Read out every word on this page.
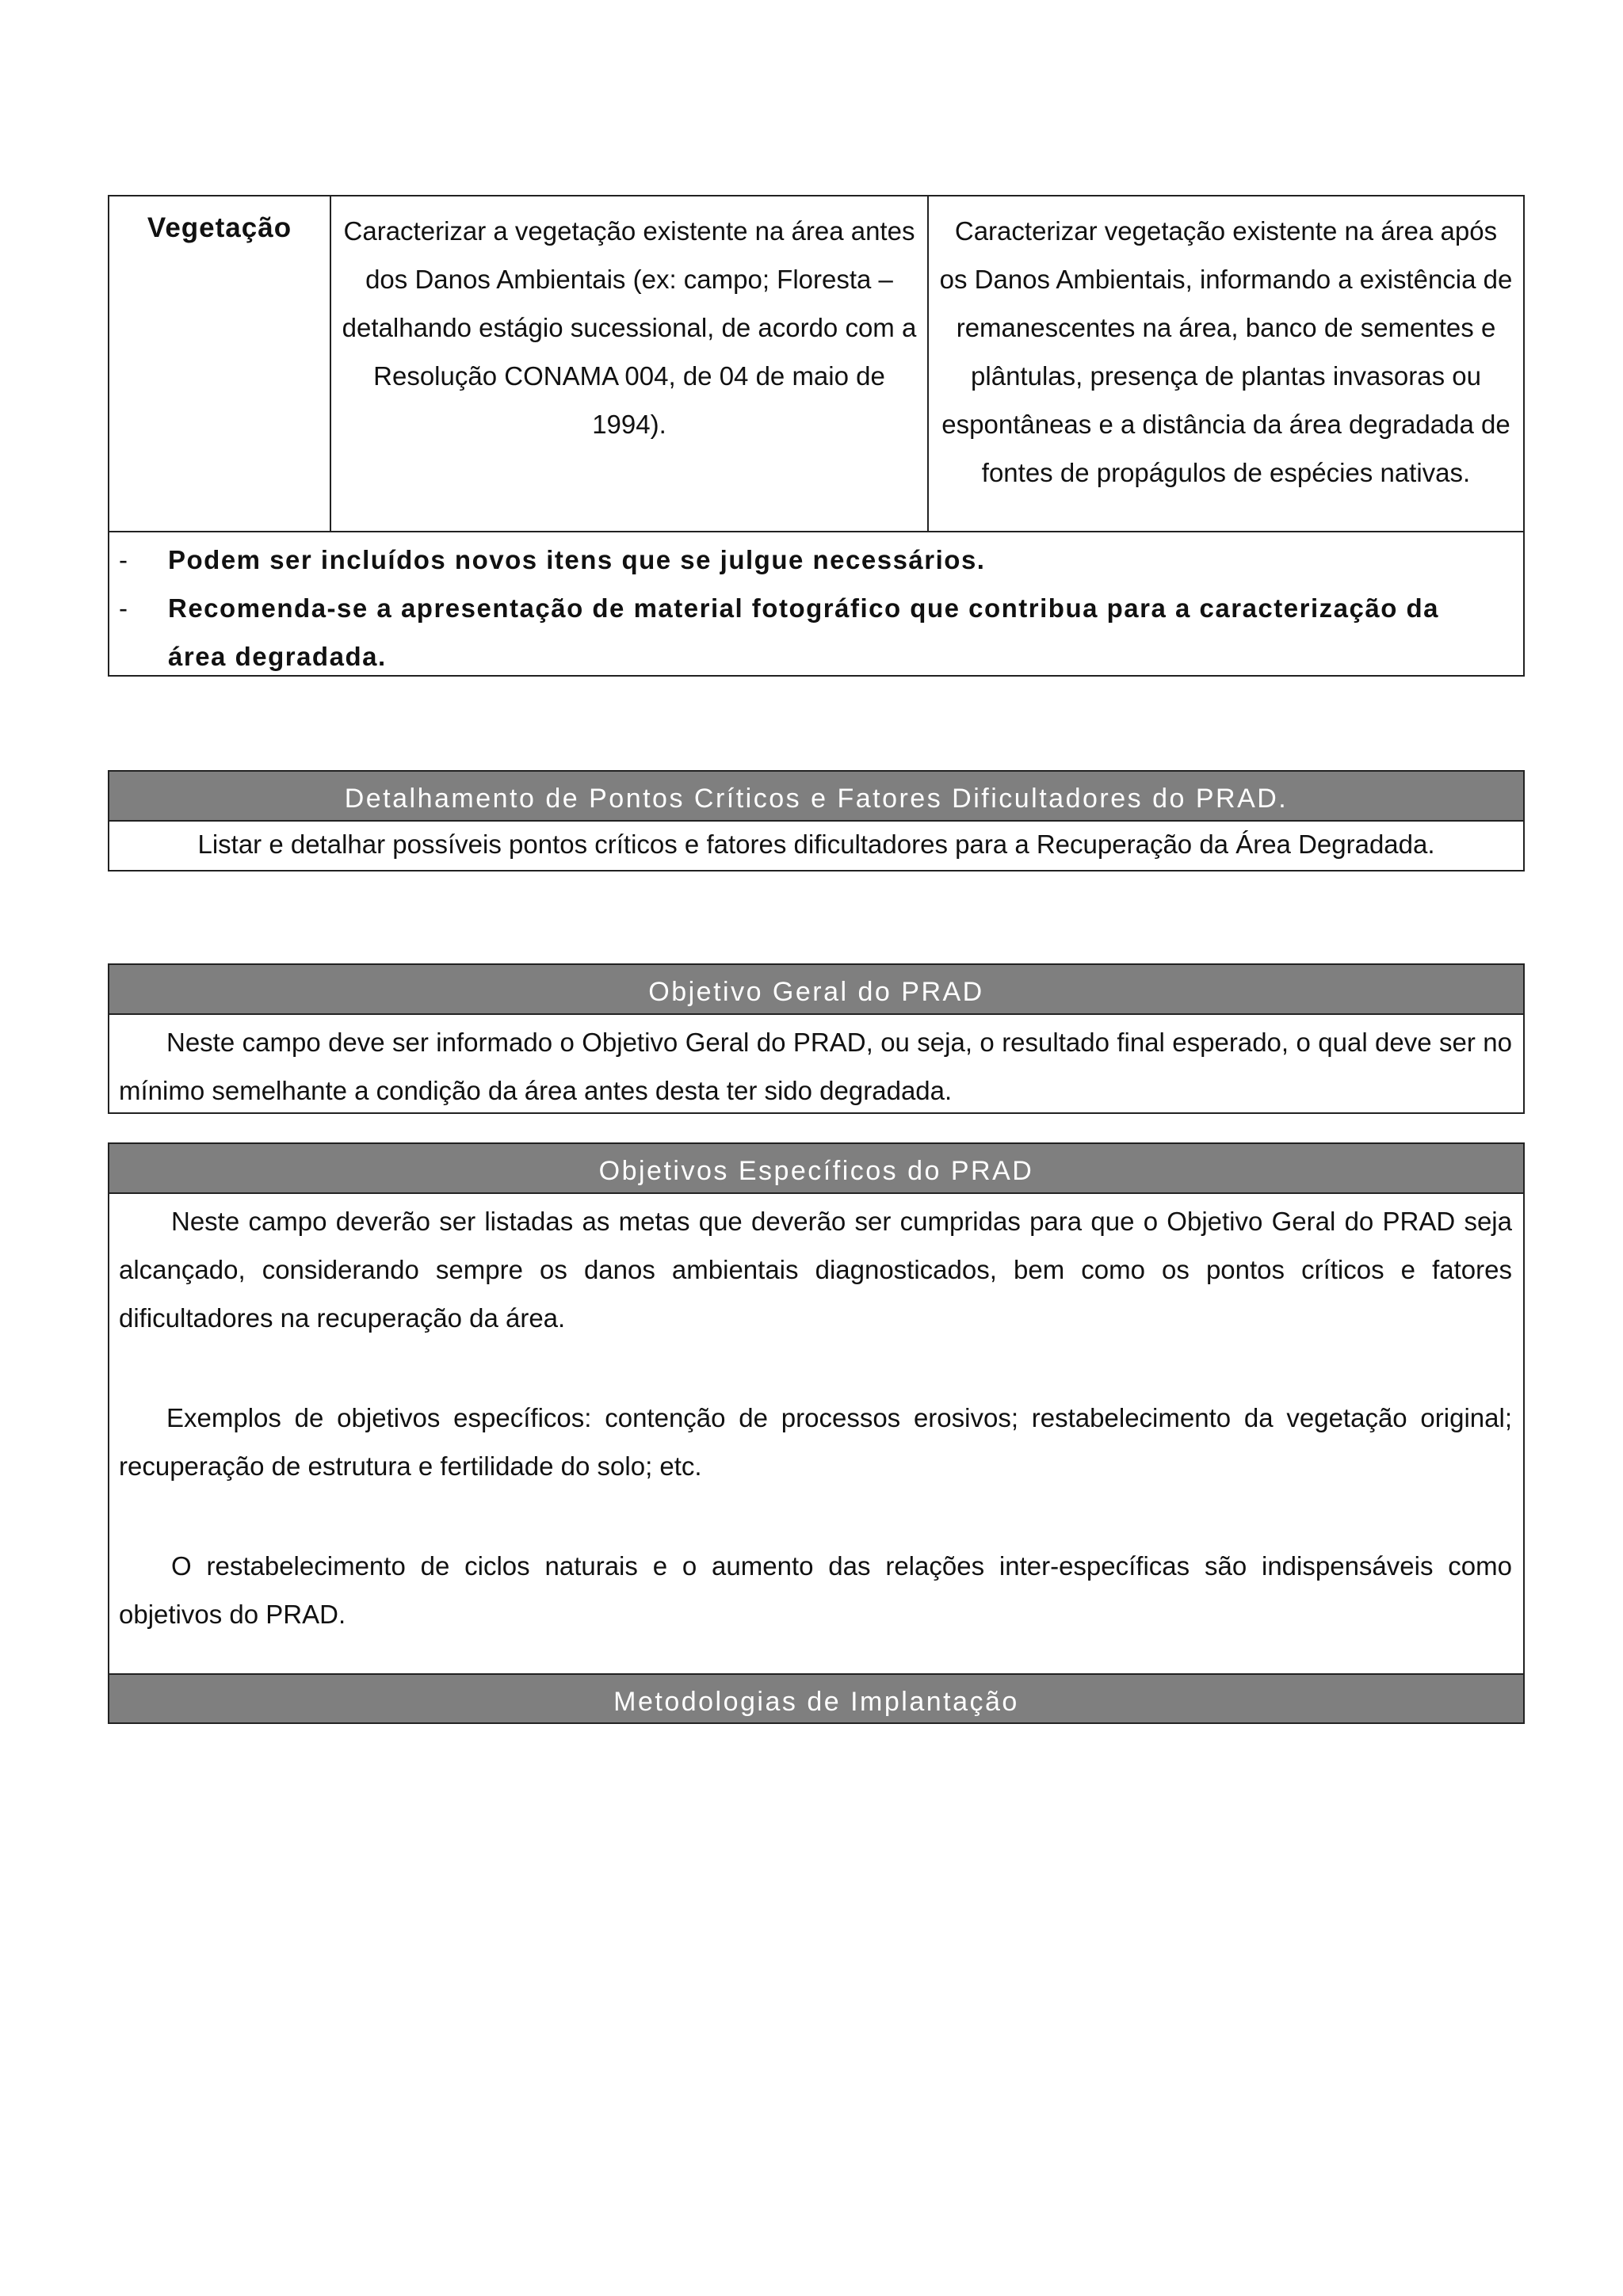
Vegetação	Caracterizar a vegetação existente na área antes dos Danos Ambientais (ex: campo; Floresta – detalhando estágio sucessional, de acordo com a Resolução CONAMA 004, de 04 de maio de 1994).
Caracterizar vegetação existente na área após os Danos Ambientais, informando a existência de remanescentes na área, banco de sementes e plântulas, presença de plantas invasoras ou espontâneas e a distância da área degradada de fontes de propágulos de espécies nativas.
- Podem ser incluídos novos itens que se julgue necessários.
- Recomenda-se a apresentação de material fotográfico que contribua para a caracterização da área degradada.
Detalhamento de Pontos Críticos e Fatores Dificultadores do PRAD.
Listar e detalhar possíveis pontos críticos e fatores dificultadores para a Recuperação da Área Degradada.
Objetivo Geral do PRAD
Neste campo deve ser informado o Objetivo Geral do PRAD, ou seja, o resultado final esperado, o qual deve ser no mínimo semelhante a condição da área antes desta ter sido degradada.
Objetivos Específicos do PRAD
Neste campo deverão ser listadas as metas que deverão ser cumpridas para que o Objetivo Geral do PRAD seja alcançado, considerando sempre os danos ambientais diagnosticados, bem como os pontos críticos e fatores dificultadores na recuperação da área.
Exemplos de objetivos específicos: contenção de processos erosivos; restabelecimento da vegetação original; recuperação de estrutura e fertilidade do solo; etc.
O restabelecimento de ciclos naturais e o aumento das relações inter-específicas são indispensáveis como objetivos do PRAD.
Metodologias de Implantação
